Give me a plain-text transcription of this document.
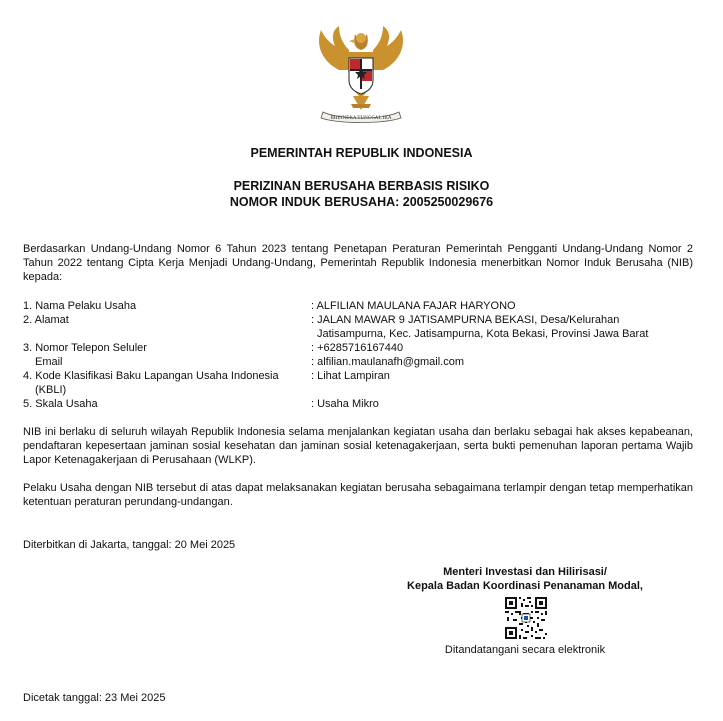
BHINNEKA TUNGGAL IKA
PEMERINTAH REPUBLIK INDONESIA
PERIZINAN BERUSAHA BERBASIS RISIKO
NOMOR INDUK BERUSAHA: 2005250029676
Berdasarkan Undang-Undang Nomor 6 Tahun 2023 tentang Penetapan Peraturan Pemerintah Pengganti Undang-Undang Nomor 2 Tahun 2022 tentang Cipta Kerja Menjadi Undang-Undang, Pemerintah Republik Indonesia menerbitkan Nomor Induk Berusaha (NIB) kepada:
1. Nama Pelaku Usaha	: ALFILIAN MAULANA FAJAR HARYONO
2. Alamat	: JALAN MAWAR 9 JATISAMPURNA BEKASI, Desa/Kelurahan
Jatisampurna, Kec. Jatisampurna, Kota Bekasi, Provinsi Jawa Barat
3. Nomor Telepon Seluler	: +6285716167440
Email	: alfilian.maulanafh@gmail.com
4. Kode Klasifikasi Baku Lapangan Usaha Indonesia	: Lihat Lampiran
(KBLI)
5. Skala Usaha	: Usaha Mikro
NIB ini berlaku di seluruh wilayah Republik Indonesia selama menjalankan kegiatan usaha dan berlaku sebagai hak akses kepabeanan, pendaftaran kepesertaan jaminan sosial kesehatan dan jaminan sosial ketenagakerjaan, serta bukti pemenuhan laporan pertama Wajib Lapor Ketenagakerjaan di Perusahaan (WLKP).
Pelaku Usaha dengan NIB tersebut di atas dapat melaksanakan kegiatan berusaha sebagaimana terlampir dengan tetap memperhatikan ketentuan peraturan perundang-undangan.
Diterbitkan di Jakarta, tanggal: 20 Mei 2025
Menteri Investasi dan Hilirisasi/
Kepala Badan Koordinasi Penanaman Modal,
Ditandatangani secara elektronik
Dicetak tanggal: 23 Mei 2025
